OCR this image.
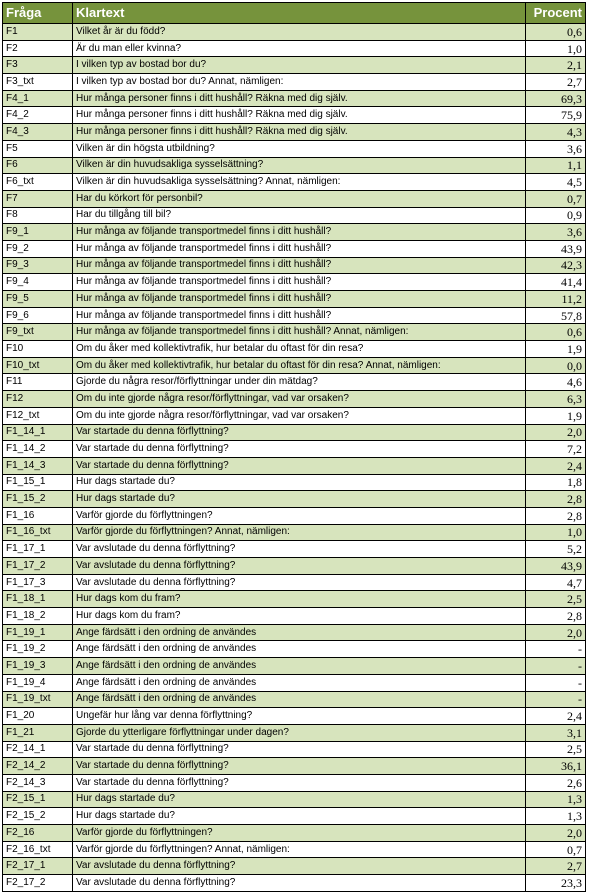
Fråga	Klartext	Procent
F1	Vilket år är du född?	0,6
F2	Är du man eller kvinna?	1,0
F3	I vilken typ av bostad bor du?	2,1
F3_txt	I vilken typ av bostad bor du? Annat, nämligen:	2,7
F4_1	Hur många personer finns i ditt hushåll? Räkna med dig själv.	69,3
F4_2	Hur många personer finns i ditt hushåll? Räkna med dig själv.	75,9
F4_3	Hur många personer finns i ditt hushåll? Räkna med dig själv.	4,3
F5	Vilken är din högsta utbildning?	3,6
F6	Vilken är din huvudsakliga sysselsättning?	1,1
F6_txt	Vilken är din huvudsakliga sysselsättning? Annat, nämligen:	4,5
F7	Har du körkort för personbil?	0,7
F8	Har du tillgång till bil?	0,9
F9_1	Hur många av följande transportmedel finns i ditt hushåll?	3,6
F9_2	Hur många av följande transportmedel finns i ditt hushåll?	43,9
F9_3	Hur många av följande transportmedel finns i ditt hushåll?	42,3
F9_4	Hur många av följande transportmedel finns i ditt hushåll?	41,4
F9_5	Hur många av följande transportmedel finns i ditt hushåll?	11,2
F9_6	Hur många av följande transportmedel finns i ditt hushåll?	57,8
F9_txt	Hur många av följande transportmedel finns i ditt hushåll? Annat, nämligen:	0,6
F10	Om du åker med kollektivtrafik, hur betalar du oftast för din resa?	1,9
F10_txt	Om du åker med kollektivtrafik, hur betalar du oftast för din resa? Annat, nämligen:	0,0
F11	Gjorde du några resor/förflyttningar under din mätdag?	4,6
F12	Om du inte gjorde några resor/förflyttningar, vad var orsaken?	6,3
F12_txt	Om du inte gjorde några resor/förflyttningar, vad var orsaken?	1,9
F1_14_1	Var startade du denna förflyttning?	2,0
F1_14_2	Var startade du denna förflyttning?	7,2
F1_14_3	Var startade du denna förflyttning?	2,4
F1_15_1	Hur dags startade du?	1,8
F1_15_2	Hur dags startade du?	2,8
F1_16	Varför gjorde du förflyttningen?	2,8
F1_16_txt	Varför gjorde du förflyttningen? Annat, nämligen:	1,0
F1_17_1	Var avslutade du denna förflyttning?	5,2
F1_17_2	Var avslutade du denna förflyttning?	43,9
F1_17_3	Var avslutade du denna förflyttning?	4,7
F1_18_1	Hur dags kom du fram?	2,5
F1_18_2	Hur dags kom du fram?	2,8
F1_19_1	Ange färdsätt i den ordning de användes	2,0
F1_19_2	Ange färdsätt i den ordning de användes	-
F1_19_3	Ange färdsätt i den ordning de användes	-
F1_19_4	Ange färdsätt i den ordning de användes	-
F1_19_txt	Ange färdsätt i den ordning de användes	-
F1_20	Ungefär hur lång var denna förflyttning?	2,4
F1_21	Gjorde du ytterligare förflyttningar under dagen?	3,1
F2_14_1	Var startade du denna förflyttning?	2,5
F2_14_2	Var startade du denna förflyttning?	36,1
F2_14_3	Var startade du denna förflyttning?	2,6
F2_15_1	Hur dags startade du?	1,3
F2_15_2	Hur dags startade du?	1,3
F2_16	Varför gjorde du förflyttningen?	2,0
F2_16_txt	Varför gjorde du förflyttningen? Annat, nämligen:	0,7
F2_17_1	Var avslutade du denna förflyttning?	2,7
F2_17_2	Var avslutade du denna förflyttning?	23,3
